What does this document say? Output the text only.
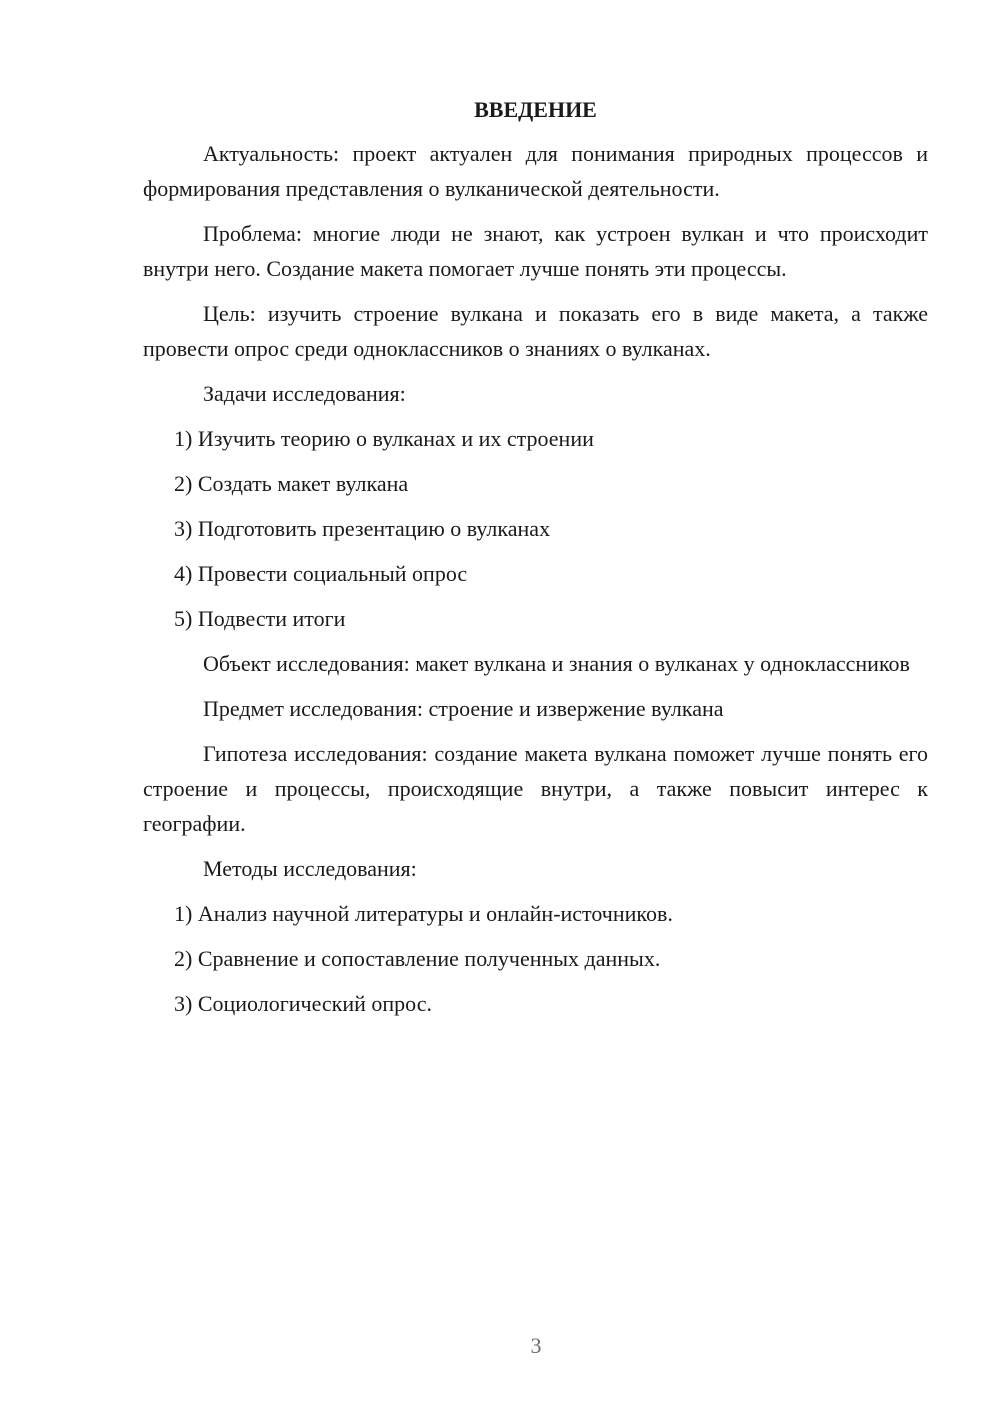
ВВЕДЕНИЕ

Актуальность: проект актуален для понимания природных процессов и формирования представления о вулканической деятельности.

Проблема: многие люди не знают, как устроен вулкан и что происходит внутри него. Создание макета помогает лучше понять эти процессы.

Цель: изучить строение вулкана и показать его в виде макета, а также провести опрос среди одноклассников о знаниях о вулканах.

Задачи исследования:

1) Изучить теорию о вулканах и их строении

2) Создать макет вулкана

3) Подготовить презентацию о вулканах

4) Провести социальный опрос

5) Подвести итоги

Объект исследования: макет вулкана и знания о вулканах у одноклассников

Предмет исследования: строение и извержение вулкана

Гипотеза исследования: создание макета вулкана поможет лучше понять его строение и процессы, происходящие внутри, а также повысит интерес к географии.

Методы исследования:

1) Анализ научной литературы и онлайн-источников.

2) Сравнение и сопоставление полученных данных.

3) Социологический опрос.

3
